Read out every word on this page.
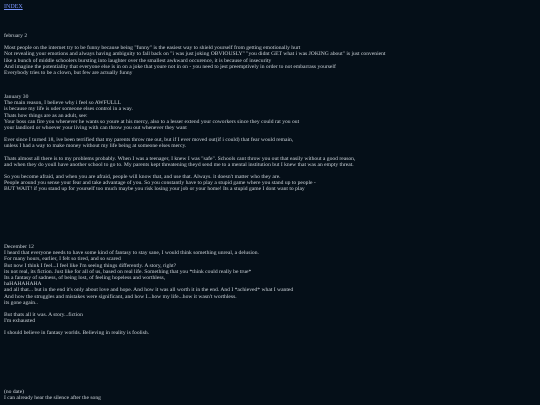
INDEX
february 2
Most people on the internet try to be funny because being "funny" is the easiest way to shield yourself from getting emotionally hurt
Not revealing your emotions and always having ambiguity to fall back on "i was just joking OBVIOUSLY" "you didnt GET what i was JOKING about" is just convenient
like a bunch of middle schoolers bursting into laughter over the smallest awkward occurence, it is because of insecurity
And imagine the potentiality that everyone else is in on a joke that youre not in on - you need to jest preemptively in order to not embarrass yourself
Everybody tries to be a clown, but few are actually funny
January 30
The main reason, I believe why i feel so AWFULLL
is because my life is uder someone elses control in a way.
Thats how things are as an adult, see:
Your boss can fire you whenever he wants so youre at his mercy, also to a lesser extend your coworkers since they could rat you out
your landlord or whoever your living with can throw you out whenever they want
Ever since I turned 18, ive been terrified that my parents throw me out, but if I ever moved out(if i could) that fear would remain,
unless I had a way to make money without my life being at someone elses mercy.
Thats almost all there is to my problems probably. When I was a teenager, I knew I was "safe". Schools cant throw you out that easily without a good reason,
and when they do youll have another school to go to. My parents kept threatening theyd send me to a mental institution but I knew that was an empty threat.
So you become afraid, and when you are afraid, people will know that, and use that. Always. it doesn't matter who they are.
People around you sense your fear and take advantage of you. So you constantly have to play a stupid game where you stand up to people -
BUT WAIT! if you stand up for yourself too much maybe you risk losing your job or your home! Its a stupid game I dont want to play
December 12
I heard that everyone needs to have some kind of fantasy to stay sane, I would think something unreal, a delusion.
For many hours, earlier, I felt so tired, and so scared
But now I think I feel...I feel like I'm seeing things differently. A story, right?
its not real, its fiction. Just like for all of us, based on real life. Something that you *think could really be true*
Its a fantasy of sadness, of being lost, of feeling hopeless and worthless,
haHAHAHAHA
and all that... but in the end it's only about love and hope. And how it was all worth it in the end. And I *achieved* what I wanted
And how the struggles and mistakes were significant, and how I...how my life...how it wasn't worthless.
its gone again..
But thats all it was. A story...fiction
I'm exhausted
I should believe in fantasy worlds. Believing in reality is foolish.
(no date)
I can already hear the silence after the song
